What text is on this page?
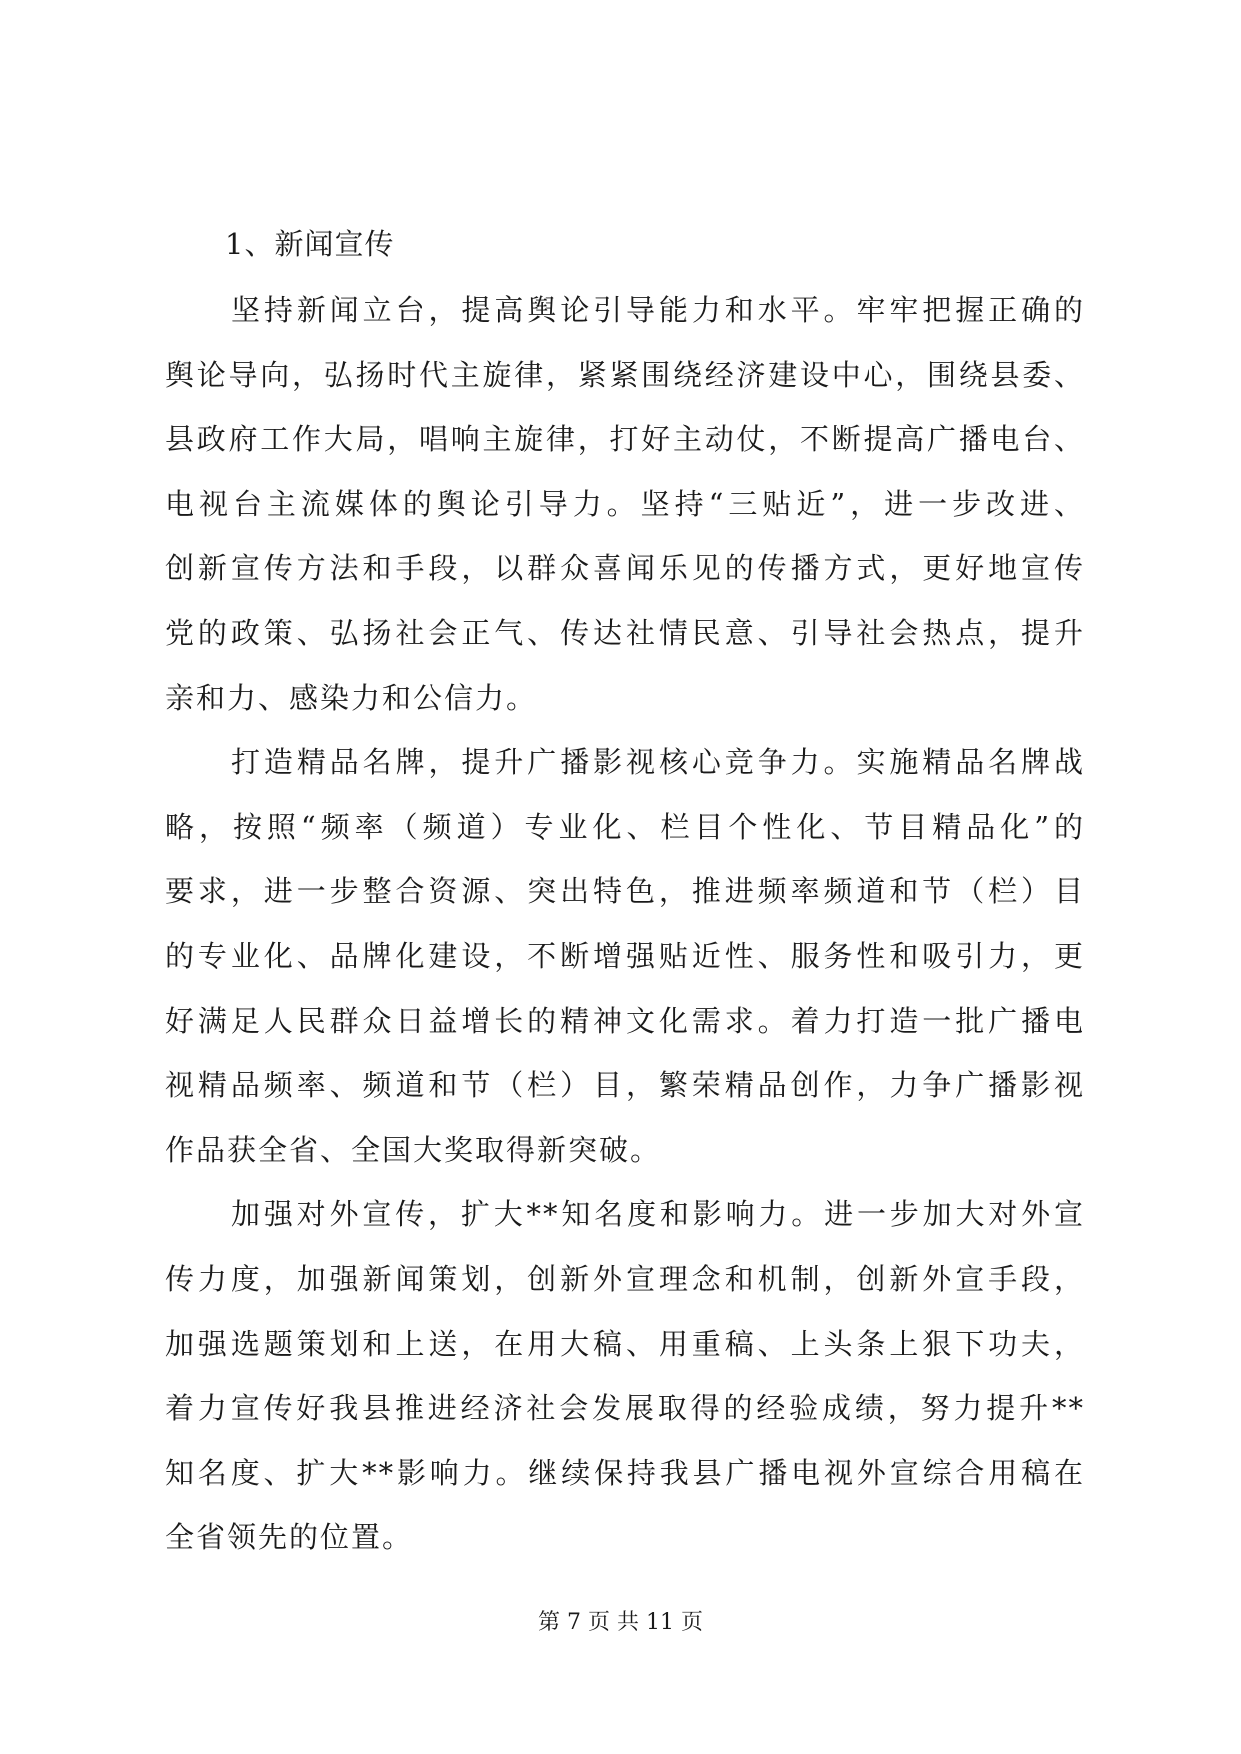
1、新闻宣传
坚持新闻立台，提高舆论引导能力和水平。牢牢把握正确的
舆论导向，弘扬时代主旋律，紧紧围绕经济建设中心，围绕县委、
县政府工作大局，唱响主旋律，打好主动仗，不断提高广播电台、
电视台主流媒体的舆论引导力。坚持“三贴近”，进一步改进、
创新宣传方法和手段，以群众喜闻乐见的传播方式，更好地宣传
党的政策、弘扬社会正气、传达社情民意、引导社会热点，提升
亲和力、感染力和公信力。
打造精品名牌，提升广播影视核心竞争力。实施精品名牌战
略，按照“频率（频道）专业化、栏目个性化、节目精品化”的
要求，进一步整合资源、突出特色，推进频率频道和节（栏）目
的专业化、品牌化建设，不断增强贴近性、服务性和吸引力，更
好满足人民群众日益增长的精神文化需求。着力打造一批广播电
视精品频率、频道和节（栏）目，繁荣精品创作，力争广播影视
作品获全省、全国大奖取得新突破。
加强对外宣传，扩大**知名度和影响力。进一步加大对外宣
传力度，加强新闻策划，创新外宣理念和机制，创新外宣手段，
加强选题策划和上送，在用大稿、用重稿、上头条上狠下功夫，
着力宣传好我县推进经济社会发展取得的经验成绩，努力提升**
知名度、扩大**影响力。继续保持我县广播电视外宣综合用稿在
全省领先的位置。
第 7 页 共 11 页
